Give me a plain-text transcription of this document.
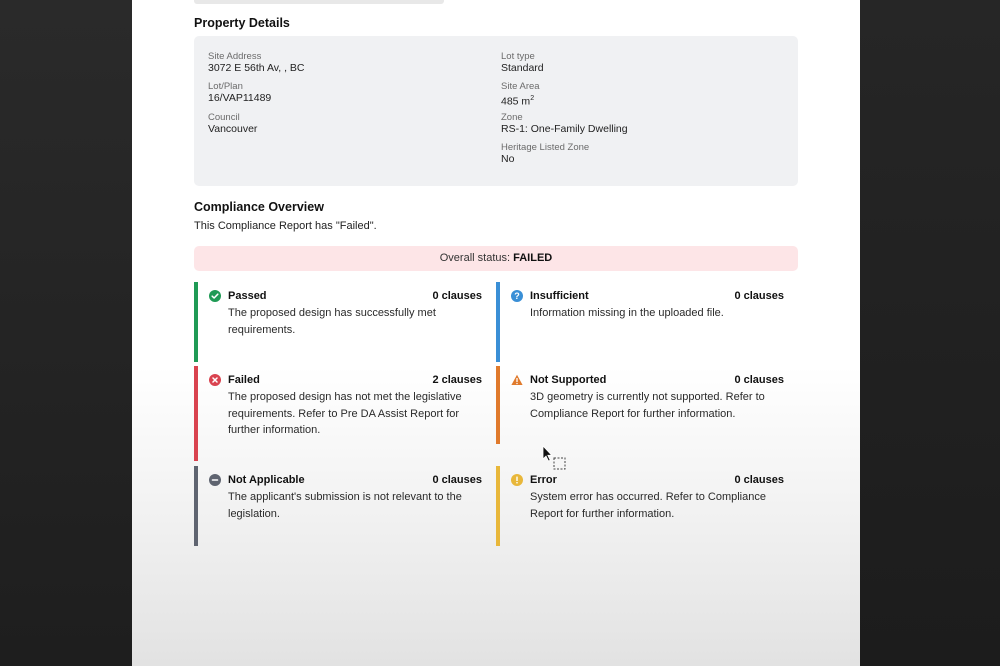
Property Details
Site Address
3072 E 56th Av, , BC
Lot/Plan
16/VAP11489
Council
Vancouver
Lot type
Standard
Site Area
485 $m^2$
Zone
RS-1: One-Family Dwelling
Heritage Listed Zone
No
Compliance Overview
This Compliance Report has "Failed".
Overall status: FAILED
Passed	0 clauses
The proposed design has successfully met requirements.
? Insufficient	0 clauses
Information missing in the uploaded file.
Failed	2 clauses
The proposed design has not met the legislative requirements. Refer to Pre DA Assist Report for further information.
Not Supported	0 clauses
3D geometry is currently not supported. Refer to Compliance Report for further information.
Not Applicable	0 clauses
The applicant's submission is not relevant to the legislation.
Error	0 clauses
System error has occurred. Refer to Compliance Report for further information.
